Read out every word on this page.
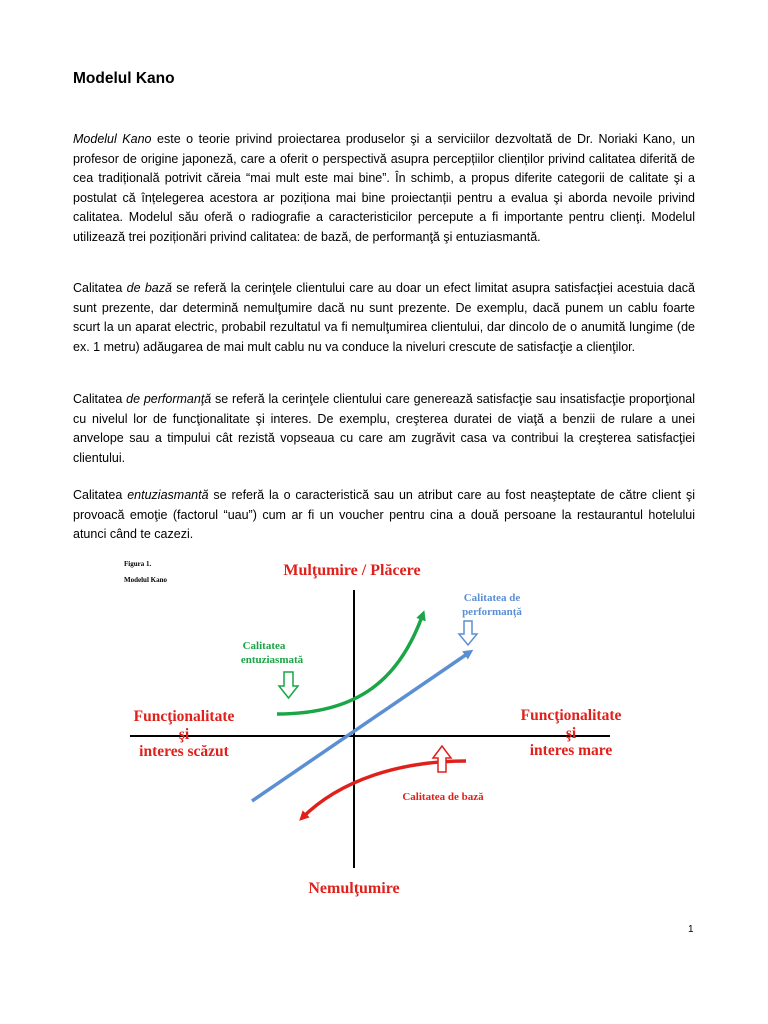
Modelul Kano

Modelul Kano este o teorie privind proiectarea produselor şi a serviciilor dezvoltată de Dr. Noriaki Kano, un profesor de origine japoneză, care a oferit o perspectivă asupra percepțiilor clienților privind calitatea diferită de cea tradițională potrivit căreia “mai mult este mai bine”. În schimb, a propus diferite categorii de calitate şi a postulat că înțelegerea acestora ar poziționa mai bine proiectanții pentru a evalua şi aborda nevoile privind calitatea. Modelul său oferă o radiografie a caracteristicilor percepute a fi importante pentru clienţi. Modelul utilizează trei poziționări privind calitatea: de bază, de performanţă şi entuziasmantă.

Calitatea de bază se referă la cerinţele clientului care au doar un efect limitat asupra satisfacţiei acestuia dacă sunt prezente, dar determină nemulţumire dacă nu sunt prezente. De exemplu, dacă punem un cablu foarte scurt la un aparat electric, probabil rezultatul va fi nemulţumirea clientului, dar dincolo de o anumită lungime (de ex. 1 metru) adăugarea de mai mult cablu nu va conduce la niveluri crescute de satisfacţie a clienţilor.

Calitatea de performanţă se referă la cerinţele clientului care generează satisfacţie sau insatisfacţie proporţional cu nivelul lor de funcţionalitate şi interes. De exemplu, creşterea duratei de viaţă a benzii de rulare a unei anvelope sau a timpului cât rezistă vopseaua cu care am zugrăvit casa va contribui la creşterea satisfacţiei clientului.

Calitatea entuziasmantă se referă la o caracteristică sau un atribut care au fost neaşteptate de către client şi provoacă emoţie (factorul “uau”) cum ar fi un voucher pentru cina a două persoane la restaurantul hotelului atunci când te cazezi.

Figura 1.
Modelul Kano
Mulţumire / Plăcere
Nemulţumire
Funcţionalitate
şi
interes scăzut
Funcţionalitate
şi
interes mare
Calitatea de
performanţă
Calitatea
entuziasmată
Calitatea de bază

1
